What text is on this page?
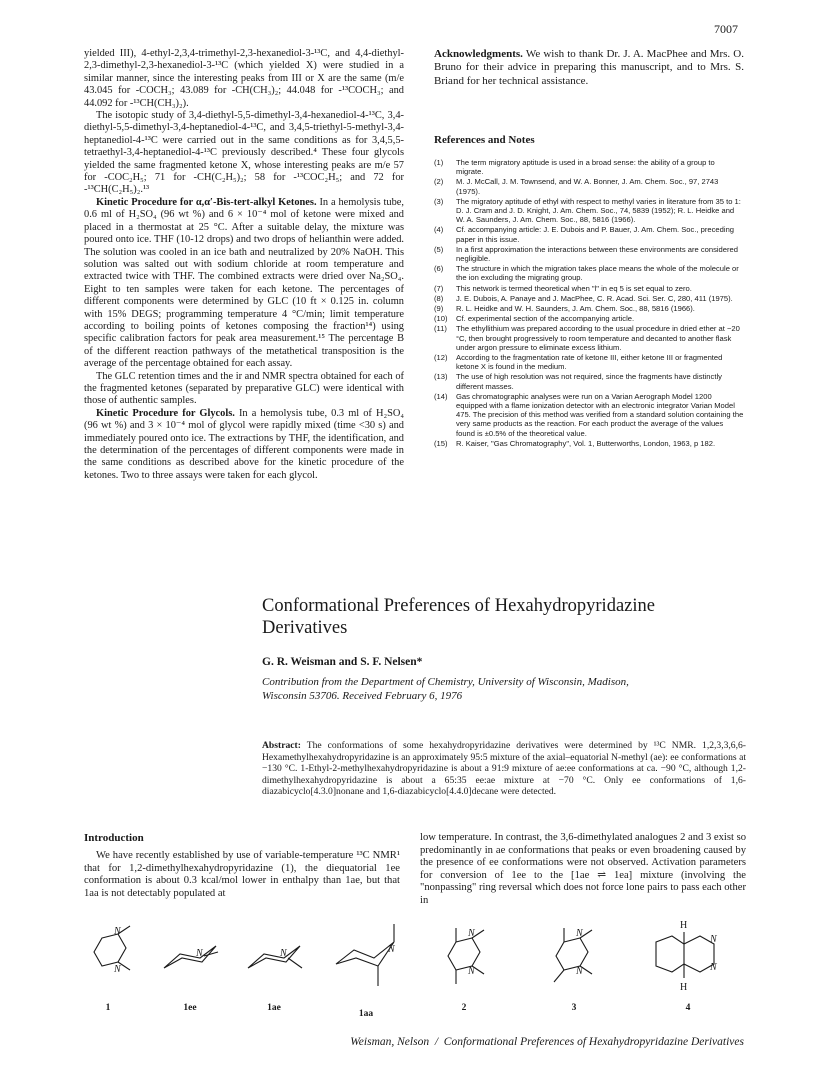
7007

yielded III), 4-ethyl-2,3,4-trimethyl-2,3-hexanediol-3-¹³C, and 4,4-diethyl-2,3-dimethyl-2,3-hexanediol-3-¹³C (which yielded X) were studied in a similar manner, since the interesting peaks from III or X are the same (m/e 43.045 for -COCH₃; 43.089 for -CH(CH₃)₂; 44.048 for -¹³COCH₃; and 44.092 for -¹³CH(CH₃)₂).

The isotopic study of 3,4-diethyl-5,5-dimethyl-3,4-hexanediol-4-¹³C, 3,4-diethyl-5,5-dimethyl-3,4-heptanediol-4-¹³C, and 3,4,5-triethyl-5-methyl-3,4-heptanediol-4-¹³C were carried out in the same conditions as for 3,4,5,5-tetraethyl-3,4-heptanediol-4-¹³C previously described.⁴ These four glycols yielded the same fragmented ketone X, whose interesting peaks are m/e 57 for -COC₂H₅; 71 for -CH(C₂H₅)₂; 58 for -¹³COC₂H₅; and 72 for -¹³CH(C₂H₅)₂.¹³

Kinetic Procedure for α,α′-Bis-tert-alkyl Ketones. In a hemolysis tube, 0.6 ml of H₂SO₄ (96 wt %) and 6 × 10⁻⁴ mol of ketone were mixed and placed in a thermostat at 25 °C. After a suitable delay, the mixture was poured onto ice. THF (10-12 drops) and two drops of helianthin were added. The solution was cooled in an ice bath and neutralized by 20% NaOH. This solution was salted out with sodium chloride at room temperature and extracted twice with THF. The combined extracts were dried over Na₂SO₄. Eight to ten samples were taken for each ketone. The percentages of different components were determined by GLC (10 ft × 0.125 in. column with 15% DEGS; programming temperature 4 °C/min; limit temperature according to boiling points of ketones composing the fraction¹⁴) using specific calibration factors for peak area measurement.¹⁵ The percentage B of the different reaction pathways of the metathetical transposition is the average of the percentage obtained for each assay.

The GLC retention times and the ir and NMR spectra obtained for each of the fragmented ketones (separated by preparative GLC) were identical with those of authentic samples.

Kinetic Procedure for Glycols. In a hemolysis tube, 0.3 ml of H₂SO₄ (96 wt %) and 3 × 10⁻⁴ mol of glycol were rapidly mixed (time <30 s) and immediately poured onto ice. The extractions by THF, the identification, and the determination of the percentages of different components were made in the same conditions as described above for the kinetic procedure of the ketones. Two to three assays were taken for each glycol.

Acknowledgments. We wish to thank Dr. J. A. MacPhee and Mrs. O. Bruno for their advice in preparing this manuscript, and to Mrs. S. Briand for her technical assistance.

References and Notes
(1)	The term migratory aptitude is used in a broad sense: the ability of a group to migrate.
(2)	M. J. McCall, J. M. Townsend, and W. A. Bonner, J. Am. Chem. Soc., 97, 2743 (1975).
(3)	The migratory aptitude of ethyl with respect to methyl varies in literature from 35 to 1: D. J. Cram and J. D. Knight, J. Am. Chem. Soc., 74, 5839 (1952); R. L. Heidke and W. A. Saunders, J. Am. Chem. Soc., 88, 5816 (1966).
(4)	Cf. accompanying article: J. E. Dubois and P. Bauer, J. Am. Chem. Soc., preceding paper in this issue.
(5)	In a first approximation the interactions between these environments are considered negligible.
(6)	The structure in which the migration takes place means the whole of the molecule or the ion excluding the migrating group.
(7)	This network is termed theoretical when "l" in eq 5 is set equal to zero.
(8)	J. E. Dubois, A. Panaye and J. MacPhee, C. R. Acad. Sci. Ser. C, 280, 411 (1975).
(9)	R. L. Heidke and W. H. Saunders, J. Am. Chem. Soc., 88, 5816 (1966).
(10)	Cf. experimental section of the accompanying article.
(11)	The ethyllithium was prepared according to the usual procedure in dried ether at −20 °C, then brought progressively to room temperature and decanted to another flask under argon pressure to eliminate excess lithium.
(12)	According to the fragmentation rate of ketone III, either ketone III or fragmented ketone X is found in the medium.
(13)	The use of high resolution was not required, since the fragments have distinctly different masses.
(14)	Gas chromatographic analyses were run on a Varian Aerograph Model 1200 equipped with a flame ionization detector with an electronic integrator Varian Model 475. The precision of this method was verified from a standard solution containing the very same products as the reaction. For each product the average of the values found is ±0.5% of the theoretical value.
(15)	R. Kaiser, "Gas Chromatography", Vol. 1, Butterworths, London, 1963, p 182.
Conformational Preferences of Hexahydropyridazine Derivatives
G. R. Weisman and S. F. Nelsen*
Contribution from the Department of Chemistry, University of Wisconsin, Madison, Wisconsin 53706. Received February 6, 1976
Abstract: The conformations of some hexahydropyridazine derivatives were determined by ¹³C NMR. 1,2,3,3,6,6-Hexamethylhexahydropyridazine is an approximately 95:5 mixture of the axial–equatorial N-methyl (ae): ee conformations at −130 °C. 1-Ethyl-2-methylhexahydropyridazine is about a 91:9 mixture of ae:ee conformations at ca. −90 °C, although 1,2-dimethylhexahydropyridazine is about a 65:35 ee:ae mixture at −70 °C. Only ee conformations of 1,6-diazabicyclo[4.3.0]nonane and 1,6-diazabicyclo[4.4.0]decane were detected.
Introduction

We have recently established by use of variable-temperature ¹³C NMR¹ that for 1,2-dimethylhexahydropyridazine (1), the diequatorial 1ee conformation is about 0.3 kcal/mol lower in enthalpy than 1ae, but that 1aa is not detectably populated at

low temperature. In contrast, the 3,6-dimethylated analogues 2 and 3 exist so predominantly in ae conformations that peaks or even broadening caused by the presence of ee conformations were not observed. Activation parameters for conversion of 1ee to the [1ae ⇌ 1ea] mixture (involving the "nonpassing" ring reversal which does not force lone pairs to pass each other in

N
N
N	N	N
N
N
N
N
N
N
H
H
1	1ee	1ae
1aa
2	3	4
Weisman, Nelson  /  Conformational Preferences of Hexahydropyridazine Derivatives
